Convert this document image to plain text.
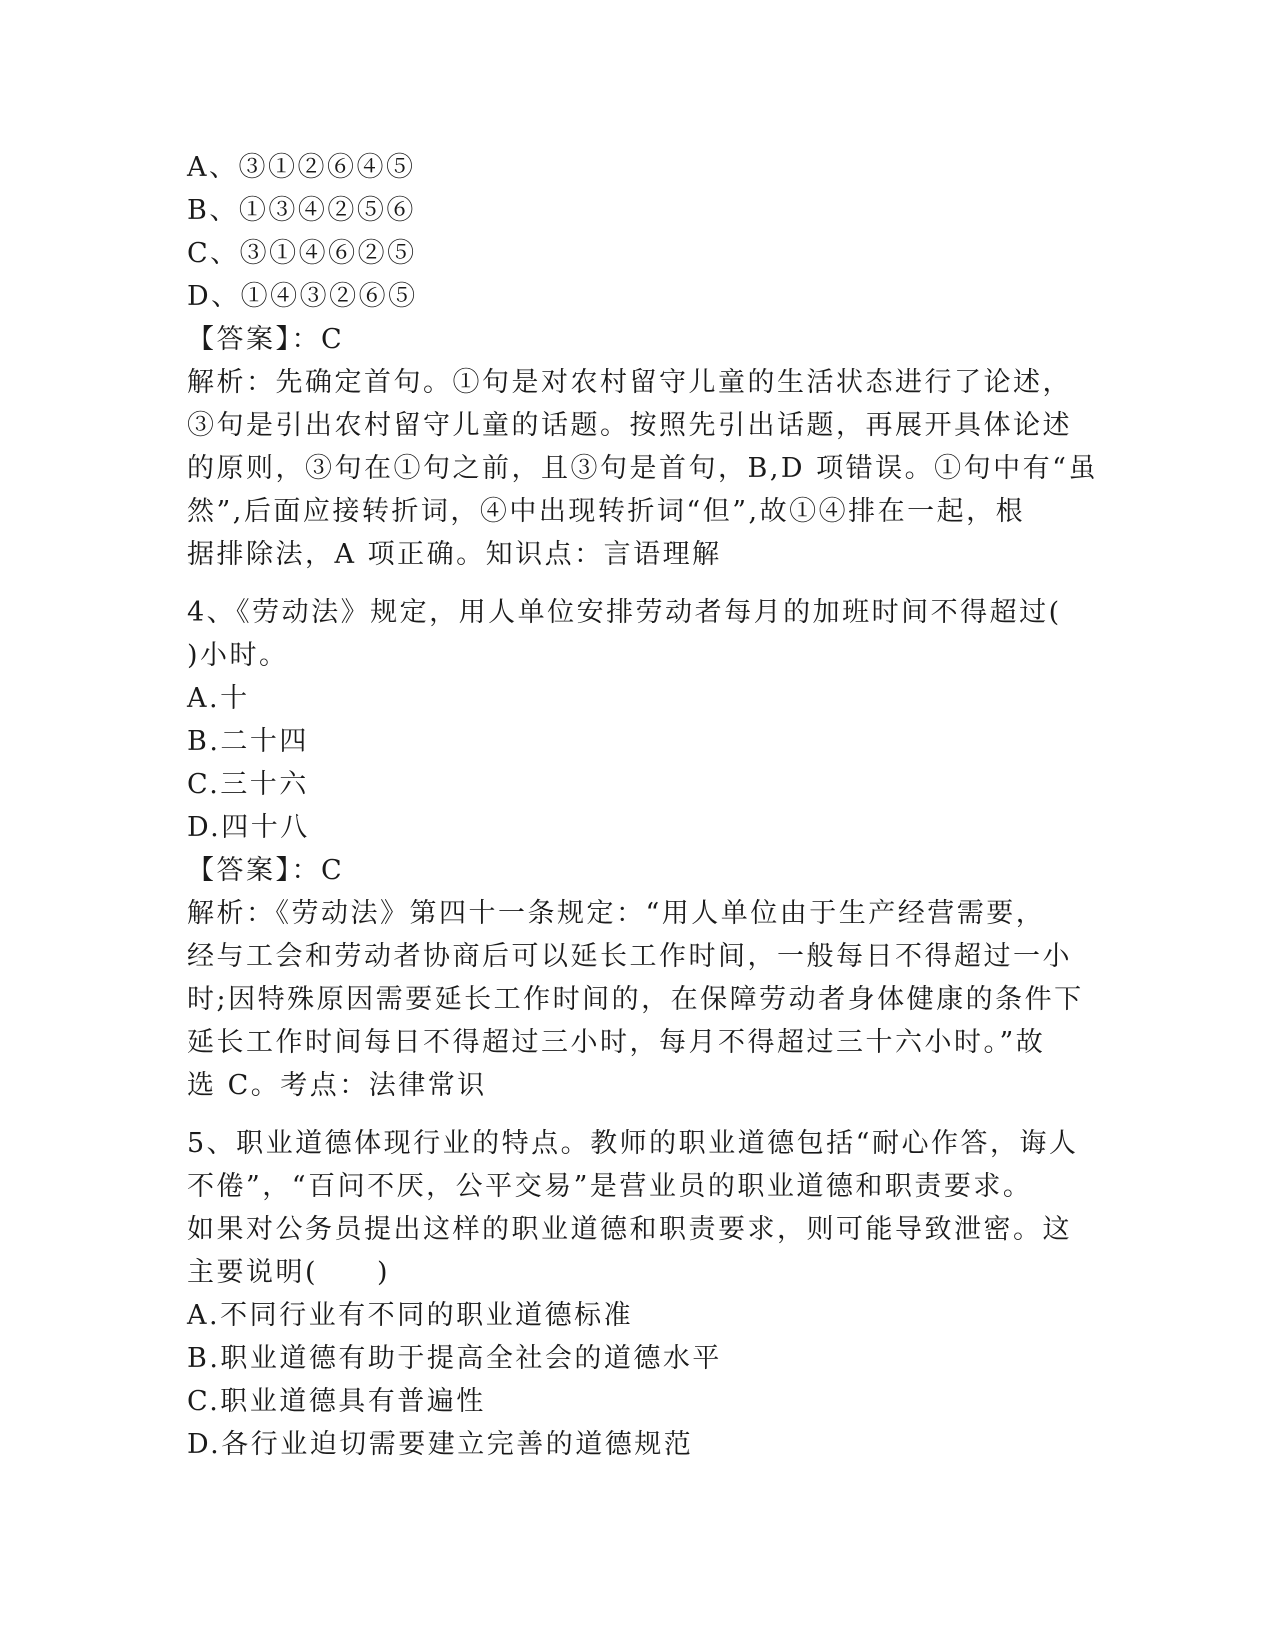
A、③①②⑥④⑤
B、①③④②⑤⑥
C、③①④⑥②⑤
D、①④③②⑥⑤
【答案】：C
解析：先确定首句。①句是对农村留守儿童的生活状态进行了论述，
③句是引出农村留守儿童的话题。按照先引出话题，再展开具体论述
的原则，③句在①句之前，且③句是首句，B,D 项错误。①句中有“虽
然”,后面应接转折词，④中出现转折词“但”,故①④排在一起，根
据排除法，A 项正确。知识点：言语理解
4、《劳动法》规定，用人单位安排劳动者每月的加班时间不得超过(
)小时。
A.十
B.二十四
C.三十六
D.四十八
【答案】：C
解析：《劳动法》第四十一条规定：“用人单位由于生产经营需要，
经与工会和劳动者协商后可以延长工作时间，一般每日不得超过一小
时;因特殊原因需要延长工作时间的，在保障劳动者身体健康的条件下
延长工作时间每日不得超过三小时，每月不得超过三十六小时。”故
选 C。考点：法律常识
5、职业道德体现行业的特点。教师的职业道德包括“耐心作答，诲人
不倦”，“百问不厌，公平交易”是营业员的职业道德和职责要求。
如果对公务员提出这样的职业道德和职责要求，则可能导致泄密。这
主要说明(　　)
A.不同行业有不同的职业道德标准
B.职业道德有助于提高全社会的道德水平
C.职业道德具有普遍性
D.各行业迫切需要建立完善的道德规范
